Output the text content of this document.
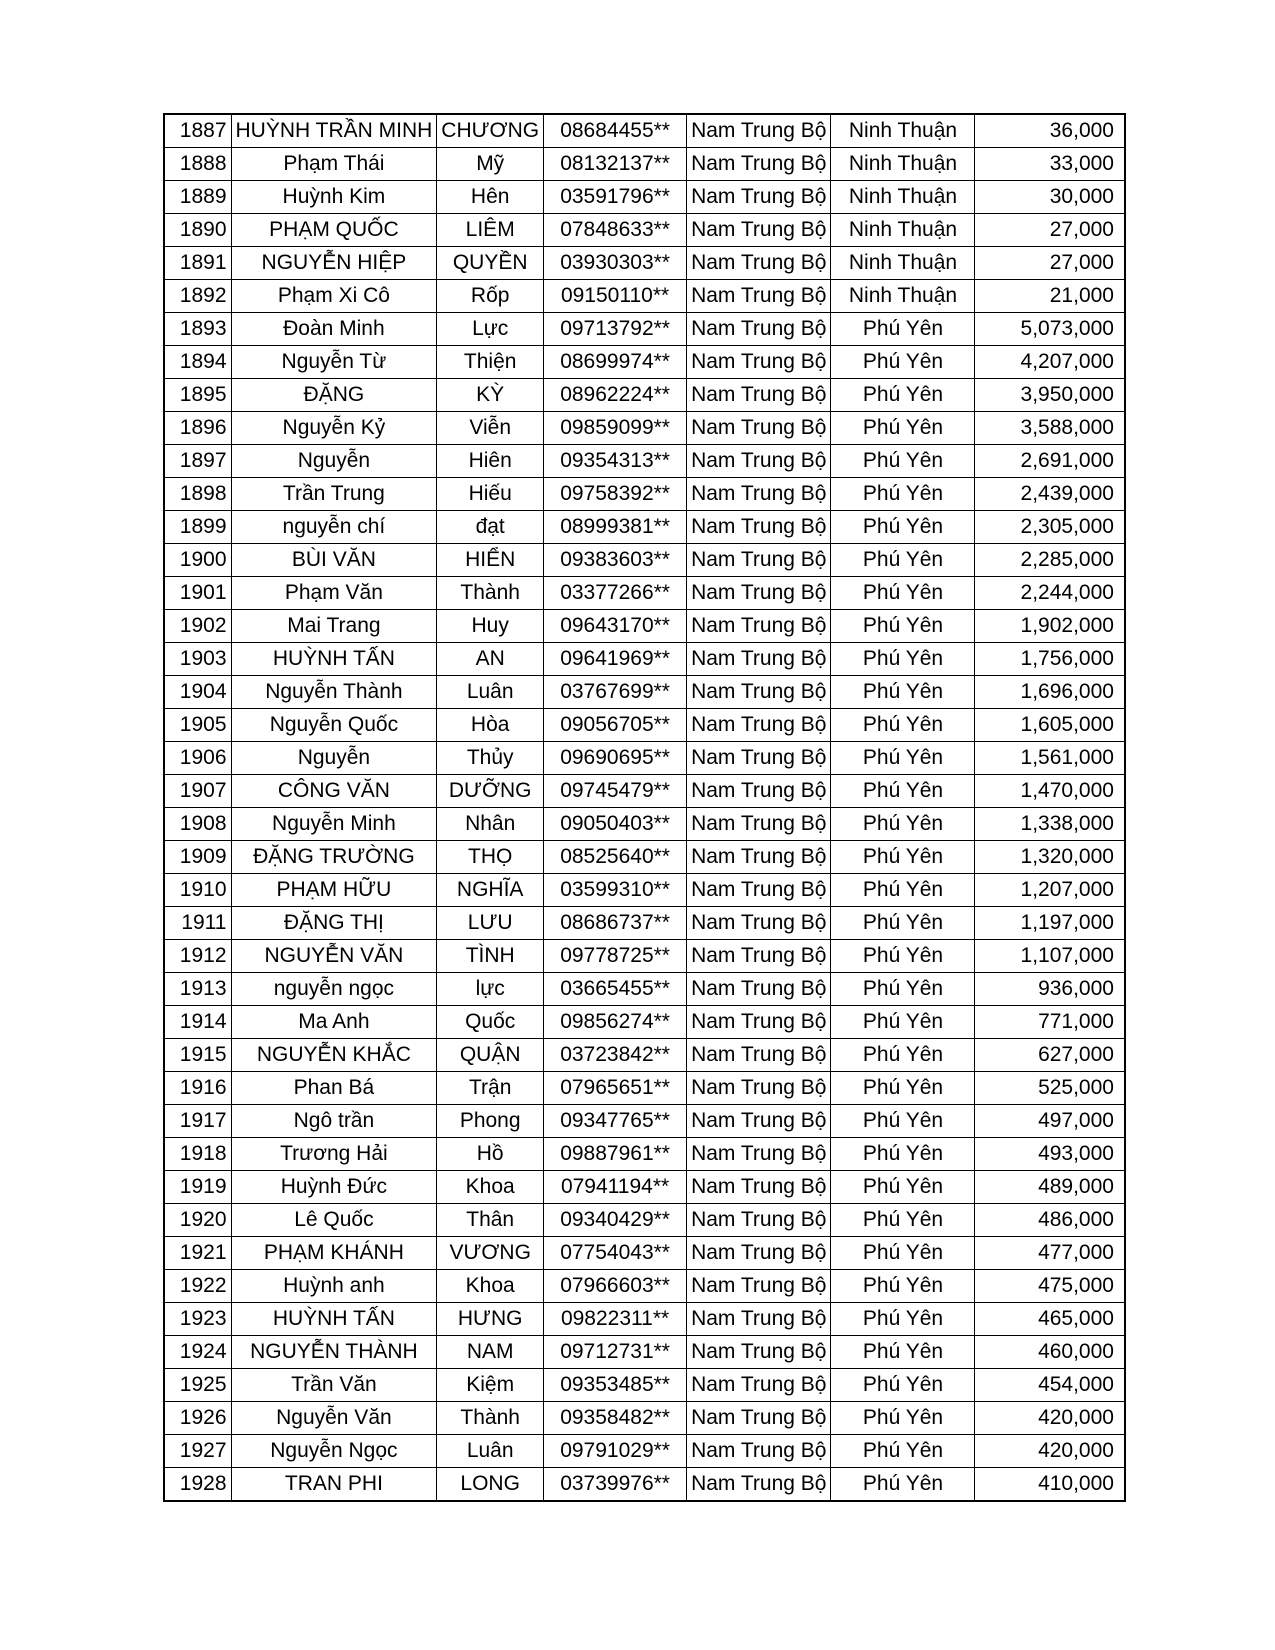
1887	HUỲNH TRẦN MINH	CHƯƠNG	08684455**	Nam Trung Bộ	Ninh Thuận	36,000
1888	Phạm Thái	Mỹ	08132137**	Nam Trung Bộ	Ninh Thuận	33,000
1889	Huỳnh Kim	Hên	03591796**	Nam Trung Bộ	Ninh Thuận	30,000
1890	PHẠM QUỐC	LIÊM	07848633**	Nam Trung Bộ	Ninh Thuận	27,000
1891	NGUYỄN HIỆP	QUYỀN	03930303**	Nam Trung Bộ	Ninh Thuận	27,000
1892	Phạm Xi Cô	Rốp	09150110**	Nam Trung Bộ	Ninh Thuận	21,000
1893	Đoàn Minh	Lực	09713792**	Nam Trung Bộ	Phú Yên	5,073,000
1894	Nguyễn Từ	Thiện	08699974**	Nam Trung Bộ	Phú Yên	4,207,000
1895	ĐẶNG	KỲ	08962224**	Nam Trung Bộ	Phú Yên	3,950,000
1896	Nguyễn Kỷ	Viễn	09859099**	Nam Trung Bộ	Phú Yên	3,588,000
1897	Nguyễn	Hiên	09354313**	Nam Trung Bộ	Phú Yên	2,691,000
1898	Trần Trung	Hiếu	09758392**	Nam Trung Bộ	Phú Yên	2,439,000
1899	nguyễn chí	đạt	08999381**	Nam Trung Bộ	Phú Yên	2,305,000
1900	BÙI VĂN	HIỂN	09383603**	Nam Trung Bộ	Phú Yên	2,285,000
1901	Phạm Văn	Thành	03377266**	Nam Trung Bộ	Phú Yên	2,244,000
1902	Mai Trang	Huy	09643170**	Nam Trung Bộ	Phú Yên	1,902,000
1903	HUỲNH TẤN	AN	09641969**	Nam Trung Bộ	Phú Yên	1,756,000
1904	Nguyễn Thành	Luân	03767699**	Nam Trung Bộ	Phú Yên	1,696,000
1905	Nguyễn Quốc	Hòa	09056705**	Nam Trung Bộ	Phú Yên	1,605,000
1906	Nguyễn	Thủy	09690695**	Nam Trung Bộ	Phú Yên	1,561,000
1907	CÔNG VĂN	DƯỠNG	09745479**	Nam Trung Bộ	Phú Yên	1,470,000
1908	Nguyễn Minh	Nhân	09050403**	Nam Trung Bộ	Phú Yên	1,338,000
1909	ĐẶNG TRƯỜNG	THỌ	08525640**	Nam Trung Bộ	Phú Yên	1,320,000
1910	PHẠM HỮU	NGHĨA	03599310**	Nam Trung Bộ	Phú Yên	1,207,000
1911	ĐẶNG THỊ	LƯU	08686737**	Nam Trung Bộ	Phú Yên	1,197,000
1912	NGUYỄN VĂN	TÌNH	09778725**	Nam Trung Bộ	Phú Yên	1,107,000
1913	nguyễn ngọc	lực	03665455**	Nam Trung Bộ	Phú Yên	936,000
1914	Ma Anh	Quốc	09856274**	Nam Trung Bộ	Phú Yên	771,000
1915	NGUYỄN KHẮC	QUẬN	03723842**	Nam Trung Bộ	Phú Yên	627,000
1916	Phan Bá	Trận	07965651**	Nam Trung Bộ	Phú Yên	525,000
1917	Ngô trần	Phong	09347765**	Nam Trung Bộ	Phú Yên	497,000
1918	Trương Hải	Hồ	09887961**	Nam Trung Bộ	Phú Yên	493,000
1919	Huỳnh Đức	Khoa	07941194**	Nam Trung Bộ	Phú Yên	489,000
1920	Lê Quốc	Thân	09340429**	Nam Trung Bộ	Phú Yên	486,000
1921	PHẠM KHÁNH	VƯƠNG	07754043**	Nam Trung Bộ	Phú Yên	477,000
1922	Huỳnh anh	Khoa	07966603**	Nam Trung Bộ	Phú Yên	475,000
1923	HUỲNH TẤN	HƯNG	09822311**	Nam Trung Bộ	Phú Yên	465,000
1924	NGUYỄN THÀNH	NAM	09712731**	Nam Trung Bộ	Phú Yên	460,000
1925	Trần Văn	Kiệm	09353485**	Nam Trung Bộ	Phú Yên	454,000
1926	Nguyễn Văn	Thành	09358482**	Nam Trung Bộ	Phú Yên	420,000
1927	Nguyễn Ngọc	Luân	09791029**	Nam Trung Bộ	Phú Yên	420,000
1928	TRAN PHI	LONG	03739976**	Nam Trung Bộ	Phú Yên	410,000
